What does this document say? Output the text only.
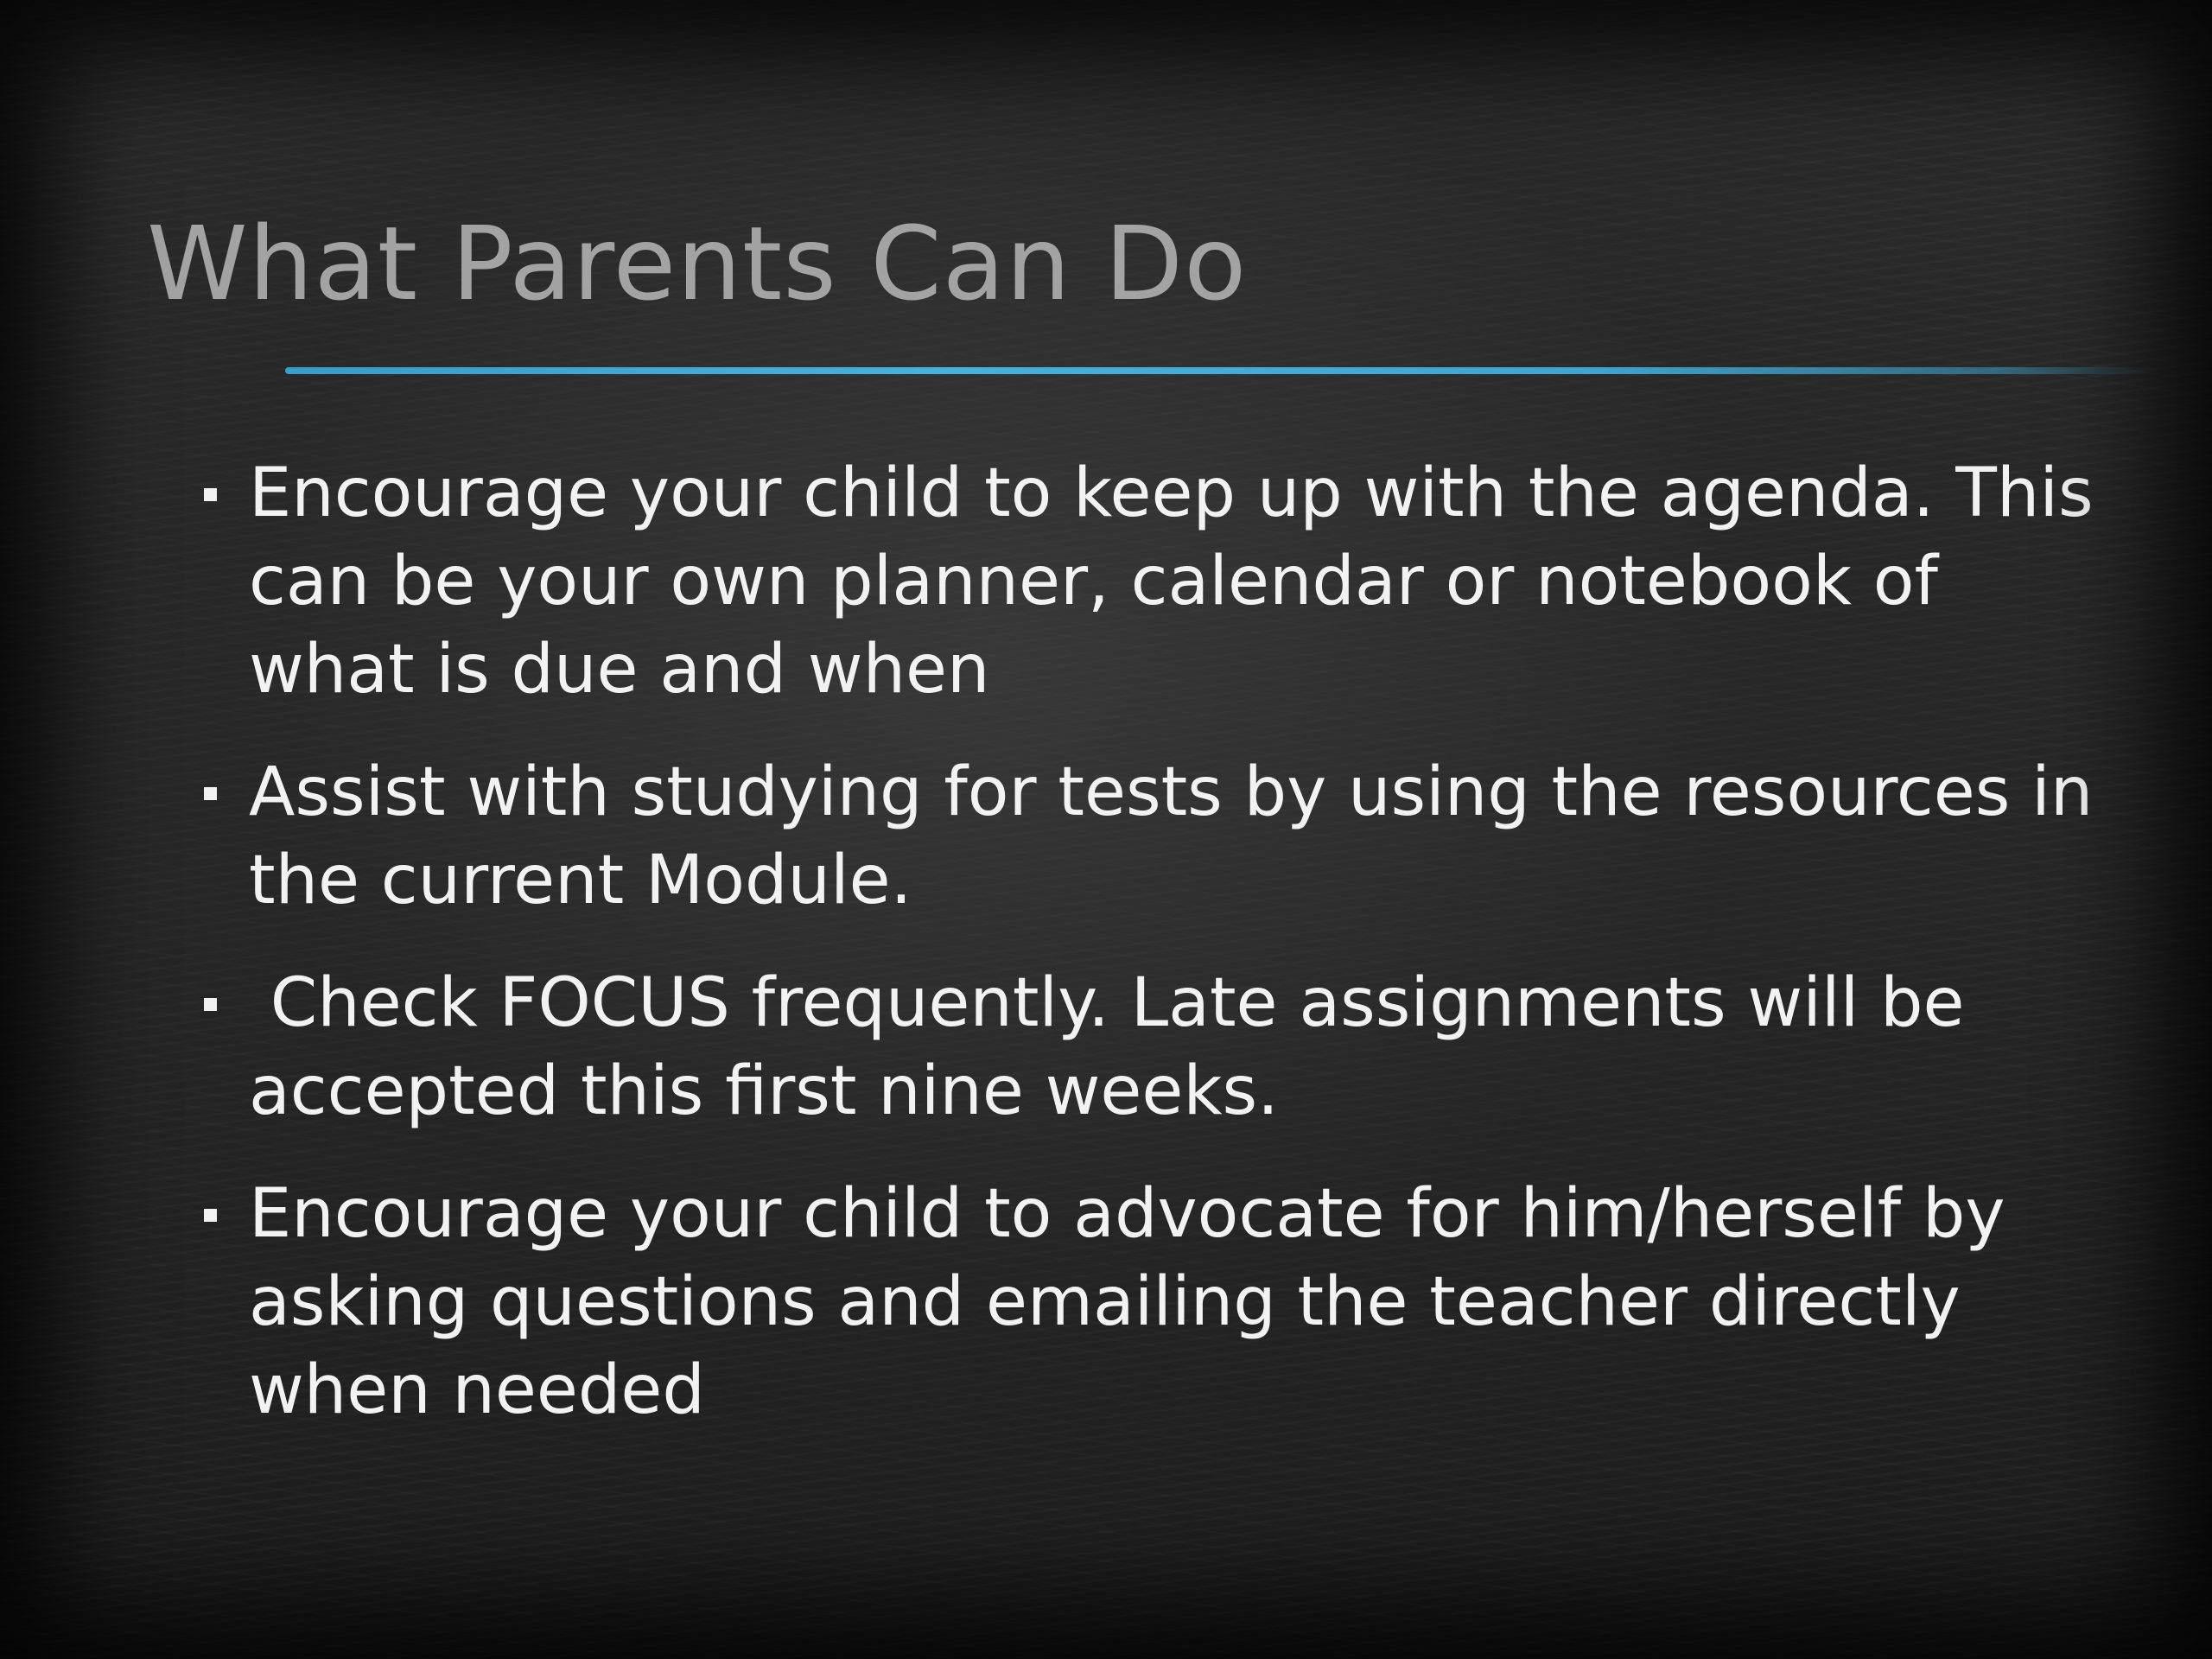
What Parents Can Do
Encourage your child to keep up with the agenda. This can be your own planner, calendar or notebook of what is due and when
Assist with studying for tests by using the resources in the current Module.
Check FOCUS frequently. Late assignments will be accepted this first nine weeks.
Encourage your child to advocate for him/herself by asking questions and emailing the teacher directly when needed
